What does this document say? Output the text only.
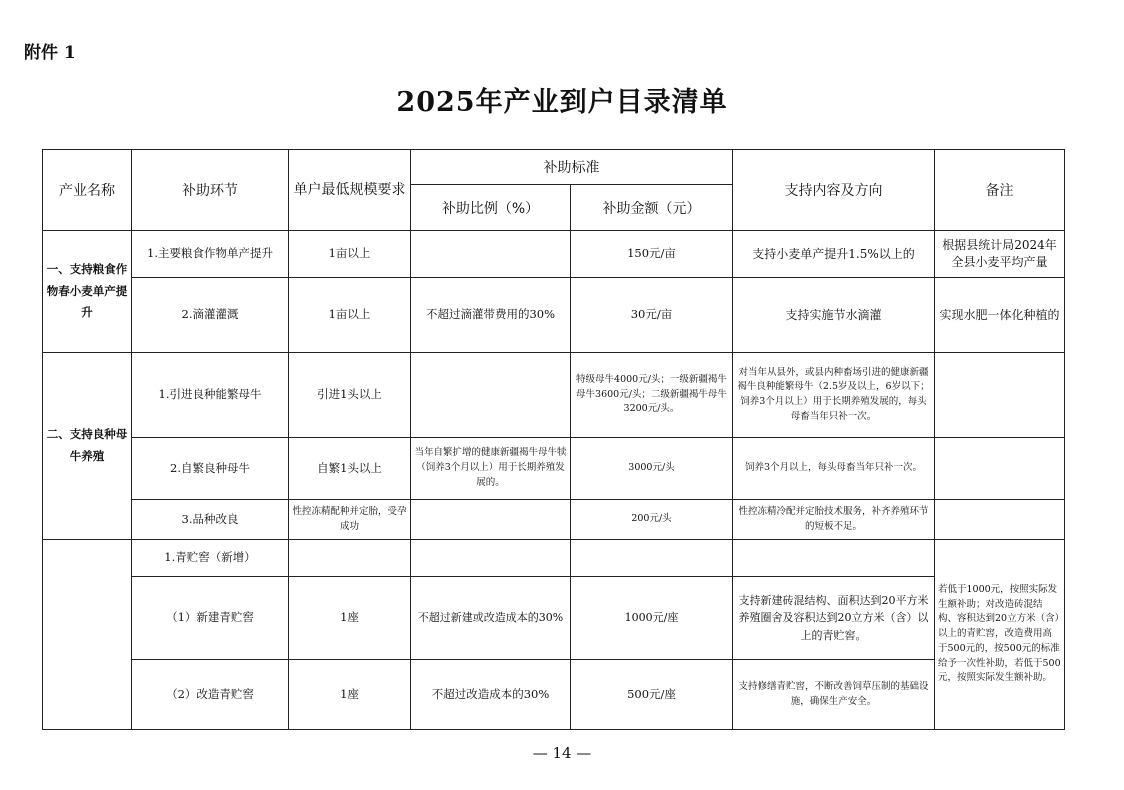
附件 1
2025年产业到户目录清单
产业名称	补助环节	单户最低规模要求	补助标准		支持内容及方向	备注
			补助比例（%）	补助金额（元）		
一、支持粮食作物春小麦单产提升	1.主要粮食作物单产提升	1亩以上		150元/亩	支持小麦单产提升1.5%以上的	根据县统计局2024年全县小麦平均产量
	2.滴灌灌溉	1亩以上	不超过滴灌带费用的30%	30元/亩	支持实施节水滴灌	实现水肥一体化种植的
二、支持良种母牛养殖	1.引进良种能繁母牛	引进1头以上		特级母牛4000元/头；一级新疆褐牛母牛3600元/头；二级新疆褐牛母牛3200元/头。	对当年从县外，或县内种畜场引进的健康新疆褐牛良种能繁母牛（2.5岁及以上，6岁以下；饲养3个月以上）用于长期养殖发展的，每头母畜当年只补一次。	
	2.自繁良种母牛	自繁1头以上	当年自繁扩增的健康新疆褐牛母牛犊（饲养3个月以上）用于长期养殖发展的。	3000元/头	饲养3个月以上，每头母畜当年只补一次。	
	3.品种改良	性控冻精配种并定胎，受孕成功		200元/头	性控冻精冷配并定胎技术服务，补齐养殖环节的短板不足。	
	1.青贮窖（新增）					若低于1000元，按照实际发生额补助；对改造砖混结构、容积达到20立方米（含）以上的青贮窖，改造费用高于500元的，按500元的标准给予一次性补助，若低于500元，按照实际发生额补助。
	（1）新建青贮窖	1座	不超过新建或改造成本的30%	1000元/座	支持新建砖混结构、面积达到20平方米养殖圈舍及容积达到20立方米（含）以上的青贮窖。	
	（2）改造青贮窖	1座	不超过改造成本的30%	500元/座	支持修缮青贮窖，不断改善饲草压制的基础设施，确保生产安全。	
— 14 —
